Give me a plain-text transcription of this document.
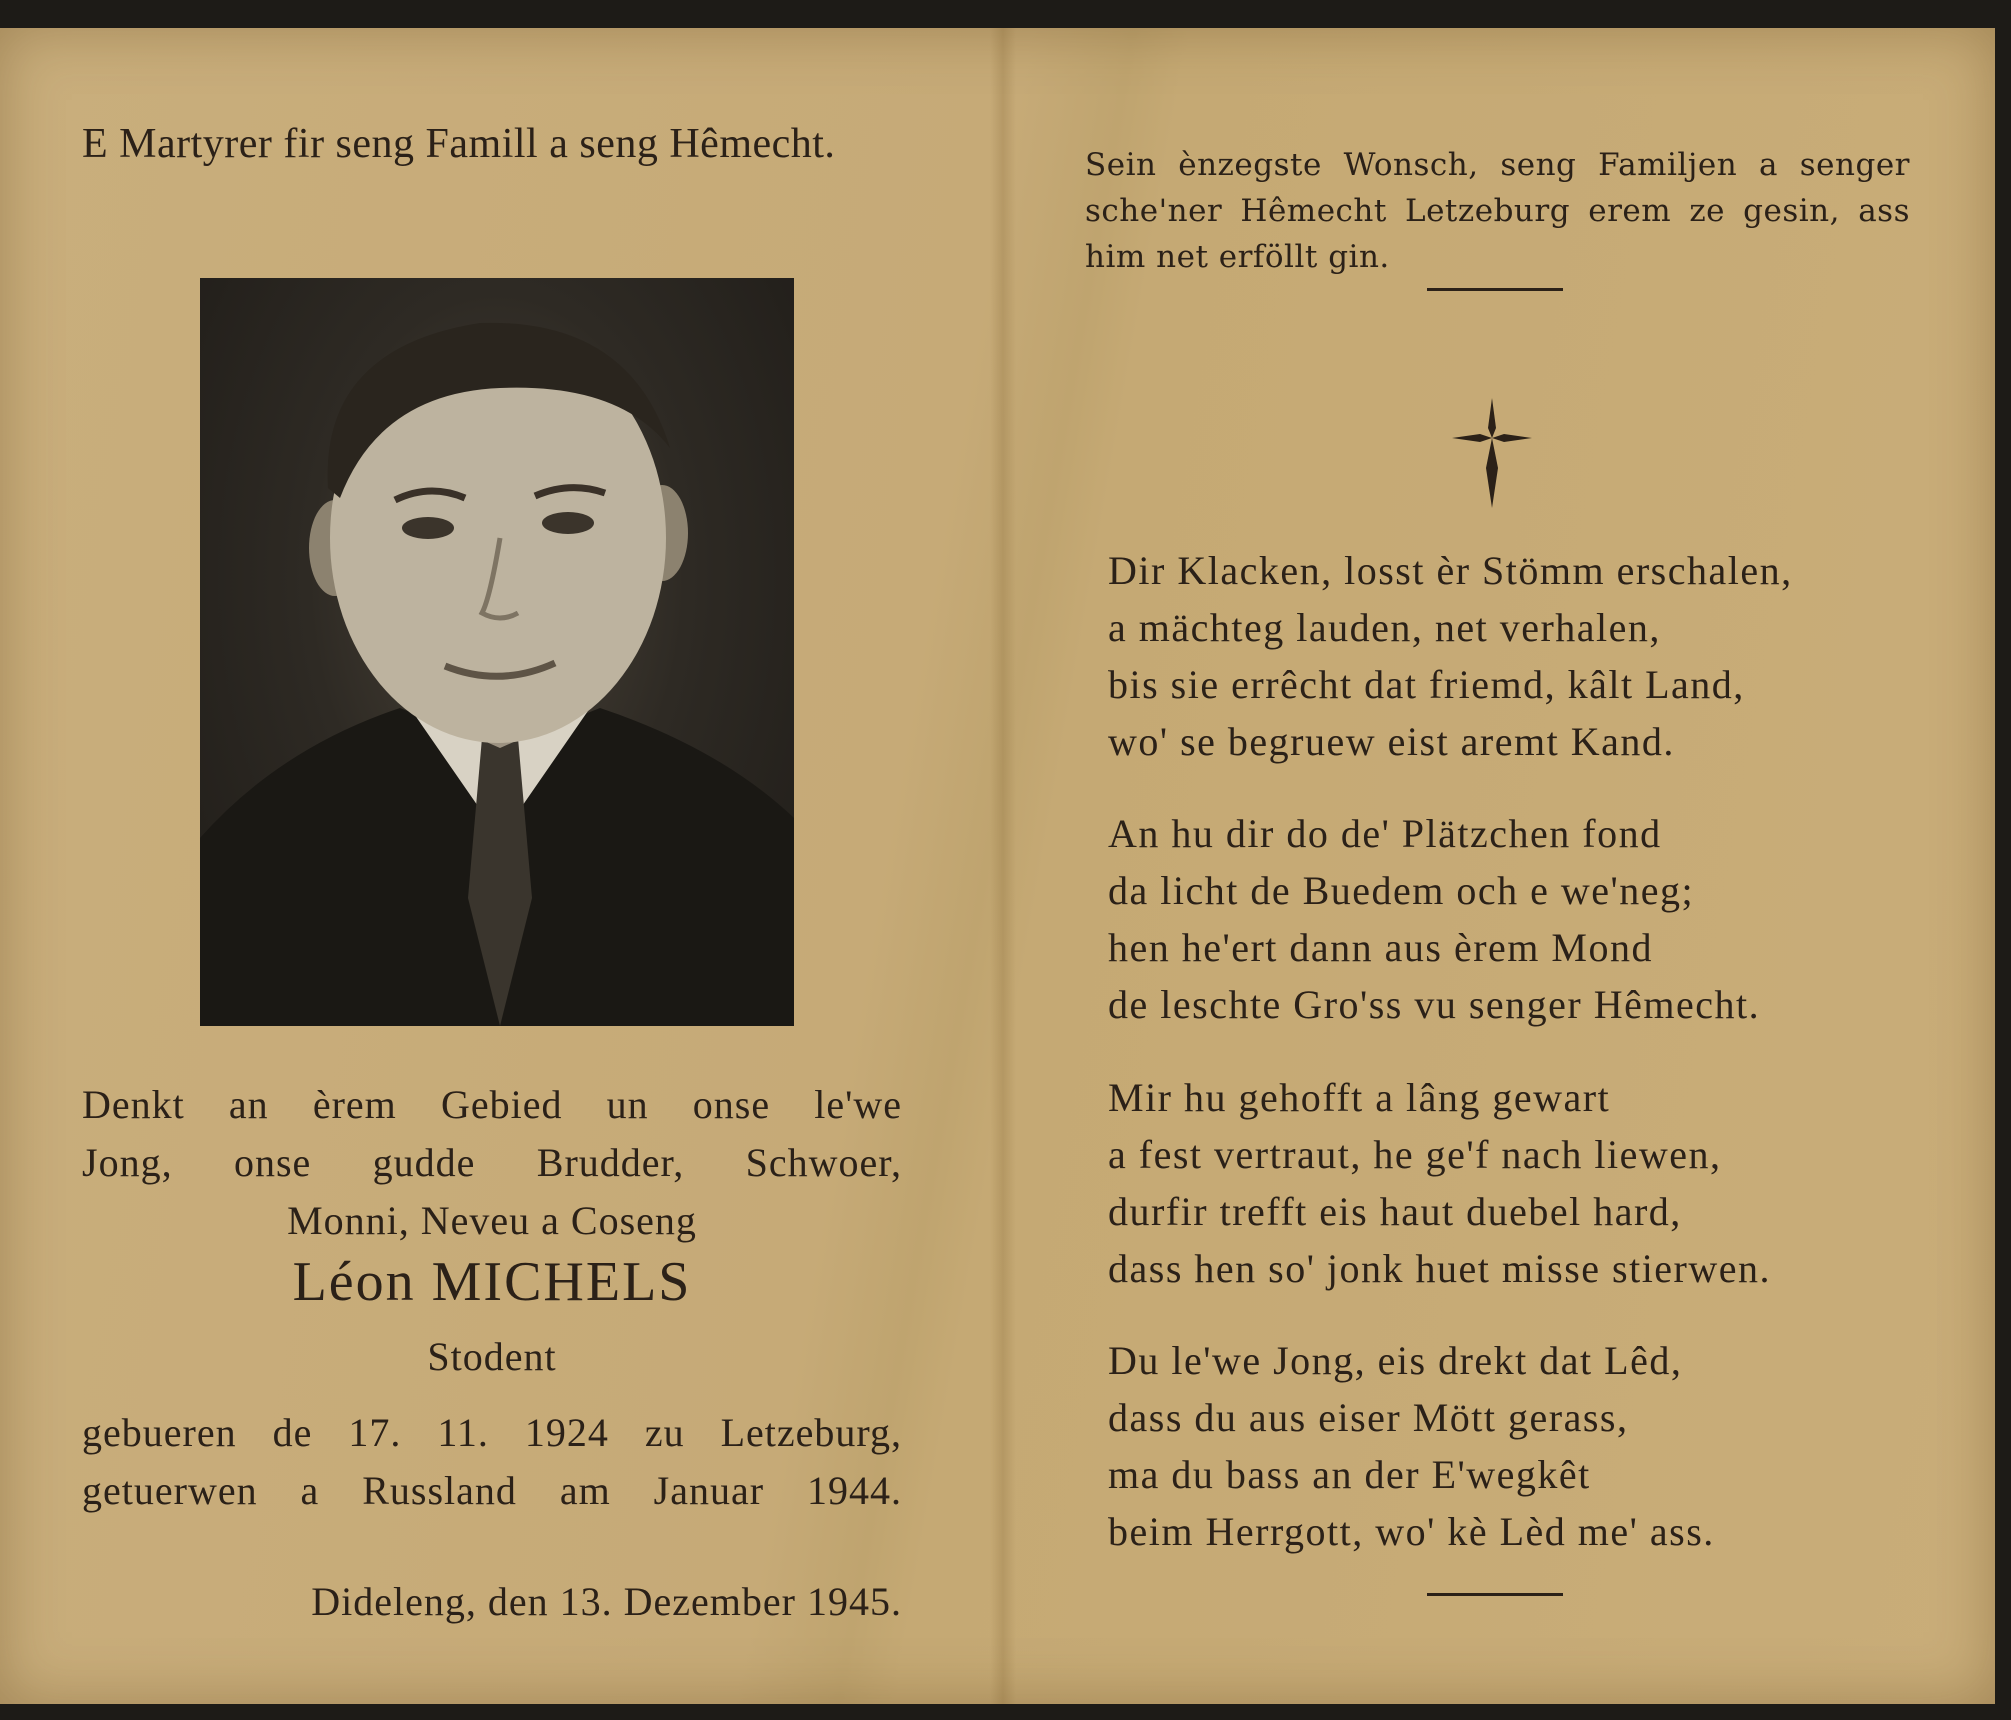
E Martyrer fir seng Famill a seng Hêmecht.
Denkt an èrem Gebied un onse le'we
Jong, onse gudde Brudder, Schwoer,
Monni, Neveu a Coseng
Léon MICHELS
Stodent
gebueren de 17. 11. 1924 zu Letzeburg,
getuerwen a Russland am Januar 1944.
Dideleng, den 13. Dezember 1945.
Sein ènzegste Wonsch, seng Familjen a senger sche'ner Hêmecht Letzeburg erem ze gesin, ass him net erföllt gin.
Dir Klacken, losst èr Stömm erschalen,
a mächteg lauden, net verhalen,
bis sie errêcht dat friemd, kâlt Land,
wo' se begruew eist aremt Kand.
An hu dir do de' Plätzchen fond
da licht de Buedem och e we'neg;
hen he'ert dann aus èrem Mond
de leschte Gro'ss vu senger Hêmecht.
Mir hu gehofft a lâng gewart
a fest vertraut, he ge'f nach liewen,
durfir trefft eis haut duebel hard,
dass hen so' jonk huet misse stierwen.
Du le'we Jong, eis drekt dat Lêd,
dass du aus eiser Mött gerass,
ma du bass an der E'wegkêt
beim Herrgott, wo' kè Lèd me' ass.
